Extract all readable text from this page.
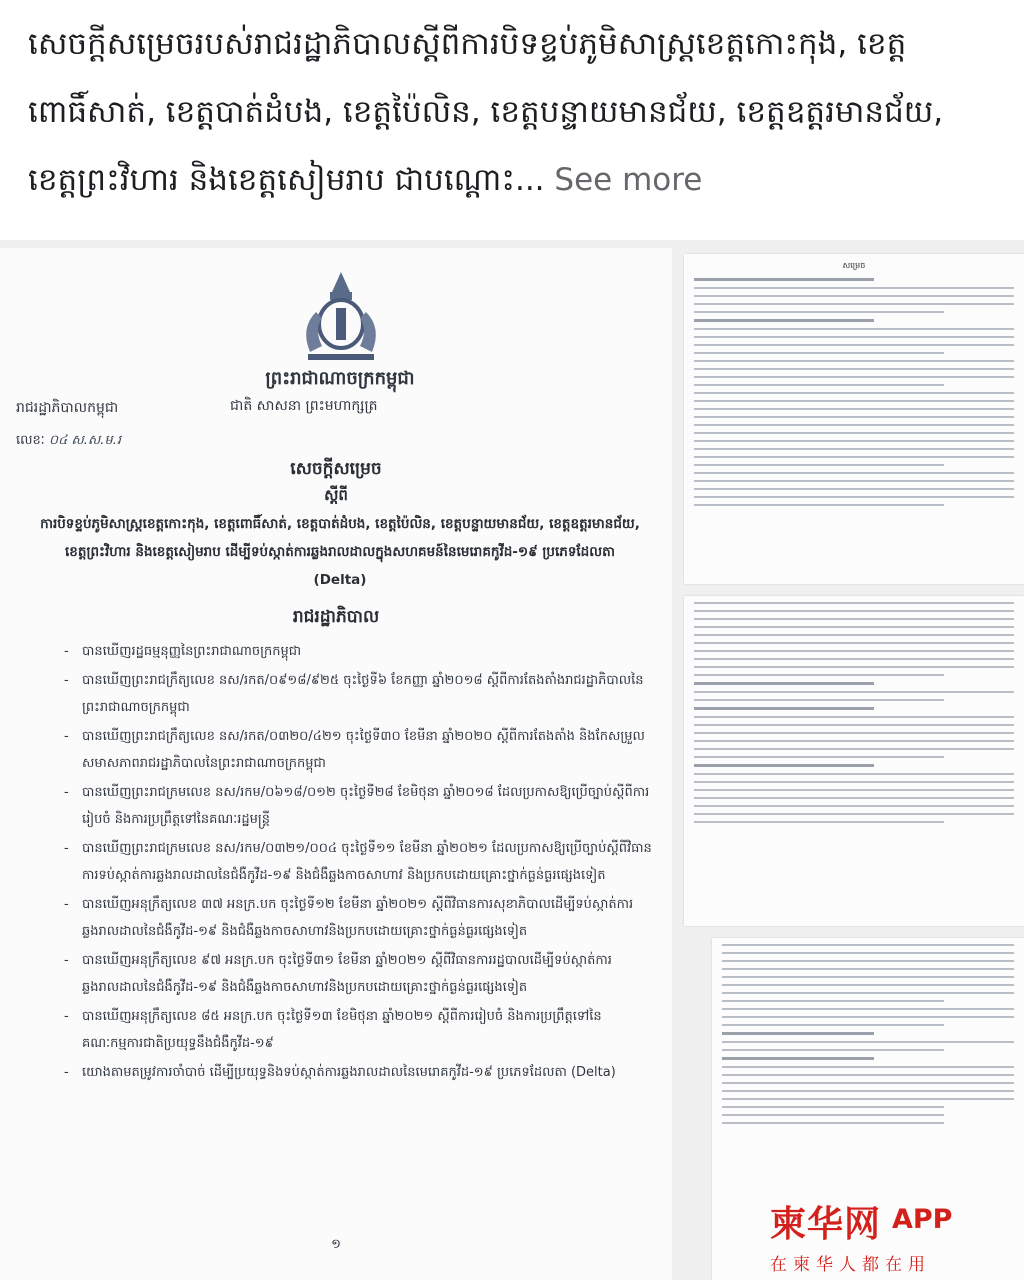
សេចក្ដីសម្រេចរបស់រាជរដ្ឋាភិបាលស្ដីពីការបិទខ្ទប់ភូមិសាស្ត្រខេត្តកោះកុង, ខេត្តពោធិ៍សាត់, ខេត្តបាត់ដំបង, ខេត្តប៉ៃលិន, ខេត្តបន្ទាយមានជ័យ, ខេត្តឧត្តរមានជ័យ, ខេត្តព្រះវិហារ និងខេត្តសៀមរាប ជាបណ្ដោះ... See more
ព្រះរាជាណាចក្រកម្ពុជា
ជាតិ សាសនា ព្រះមហាក្សត្រ
រាជរដ្ឋាភិបាលកម្ពុជា
លេខៈ ០៤ ស.ស.ម.រ
សេចក្ដីសម្រេច
ស្ដីពី
ការបិទខ្ទប់ភូមិសាស្ត្រខេត្តកោះកុង, ខេត្តពោធិ៍សាត់, ខេត្តបាត់ដំបង, ខេត្តប៉ៃលិន, ខេត្តបន្ទាយមានជ័យ, ខេត្តឧត្តរមានជ័យ, ខេត្តព្រះវិហារ និងខេត្តសៀមរាប ដើម្បីទប់ស្កាត់ការឆ្លងរាលដាលក្នុងសហគមន៍នៃមេរោគកូវីដ-១៩ ប្រភេទដែលតា (Delta)
រាជរដ្ឋាភិបាល
- បានឃើញរដ្ឋធម្មនុញ្ញនៃព្រះរាជាណាចក្រកម្ពុជា
- បានឃើញព្រះរាជក្រឹត្យលេខ នស/រកត/០៩១៨/៩២៥ ចុះថ្ងៃទី៦ ខែកញ្ញា ឆ្នាំ២០១៨ ស្ដីពីការតែងតាំងរាជរដ្ឋាភិបាលនៃព្រះរាជាណាចក្រកម្ពុជា
- បានឃើញព្រះរាជក្រឹត្យលេខ នស/រកត/០៣២០/៤២១ ចុះថ្ងៃទី៣០ ខែមីនា ឆ្នាំ២០២០ ស្ដីពីការតែងតាំង និងកែសម្រួលសមាសភាពរាជរដ្ឋាភិបាលនៃព្រះរាជាណាចក្រកម្ពុជា
- បានឃើញព្រះរាជក្រមលេខ នស/រកម/០៦១៨/០១២ ចុះថ្ងៃទី២៨ ខែមិថុនា ឆ្នាំ២០១៨ ដែលប្រកាសឱ្យប្រើច្បាប់ស្ដីពីការរៀបចំ និងការប្រព្រឹត្តទៅនៃគណៈរដ្ឋមន្ត្រី
- បានឃើញព្រះរាជក្រមលេខ នស/រកម/០៣២១/០០៤ ចុះថ្ងៃទី១១ ខែមីនា ឆ្នាំ២០២១ ដែលប្រកាសឱ្យប្រើច្បាប់ស្ដីពីវិធានការទប់ស្កាត់ការឆ្លងរាលដាលនៃជំងឺកូវីដ-១៩ និងជំងឺឆ្លងកាចសាហាវ និងប្រកបដោយគ្រោះថ្នាក់ធ្ងន់ធ្ងរផ្សេងទៀត
- បានឃើញអនុក្រឹត្យលេខ ៣៧ អនក្រ.បក ចុះថ្ងៃទី១២ ខែមីនា ឆ្នាំ២០២១ ស្ដីពីវិធានការសុខាភិបាលដើម្បីទប់ស្កាត់ការឆ្លងរាលដាលនៃជំងឺកូវីដ-១៩ និងជំងឺឆ្លងកាចសាហាវនិងប្រកបដោយគ្រោះថ្នាក់ធ្ងន់ធ្ងរផ្សេងទៀត
- បានឃើញអនុក្រឹត្យលេខ ៩៧ អនក្រ.បក ចុះថ្ងៃទី៣១ ខែមីនា ឆ្នាំ២០២១ ស្ដីពីវិធានការរដ្ឋបាលដើម្បីទប់ស្កាត់ការឆ្លងរាលដាលនៃជំងឺកូវីដ-១៩ និងជំងឺឆ្លងកាចសាហាវនិងប្រកបដោយគ្រោះថ្នាក់ធ្ងន់ធ្ងរផ្សេងទៀត
- បានឃើញអនុក្រឹត្យលេខ ៨៥ អនក្រ.បក ចុះថ្ងៃទី១៣ ខែមិថុនា ឆ្នាំ២០២១ ស្ដីពីការរៀបចំ និងការប្រព្រឹត្តទៅនៃគណៈកម្មការជាតិប្រយុទ្ធនឹងជំងឺកូវីដ-១៩
- យោងតាមតម្រូវការចាំបាច់ ដើម្បីប្រយុទ្ធនិងទប់ស្កាត់ការឆ្លងរាលដាលនៃមេរោគកូវីដ-១៩ ប្រភេទដែលតា (Delta)
១
សម្រេច
柬华网 APP
在柬华人都在用
